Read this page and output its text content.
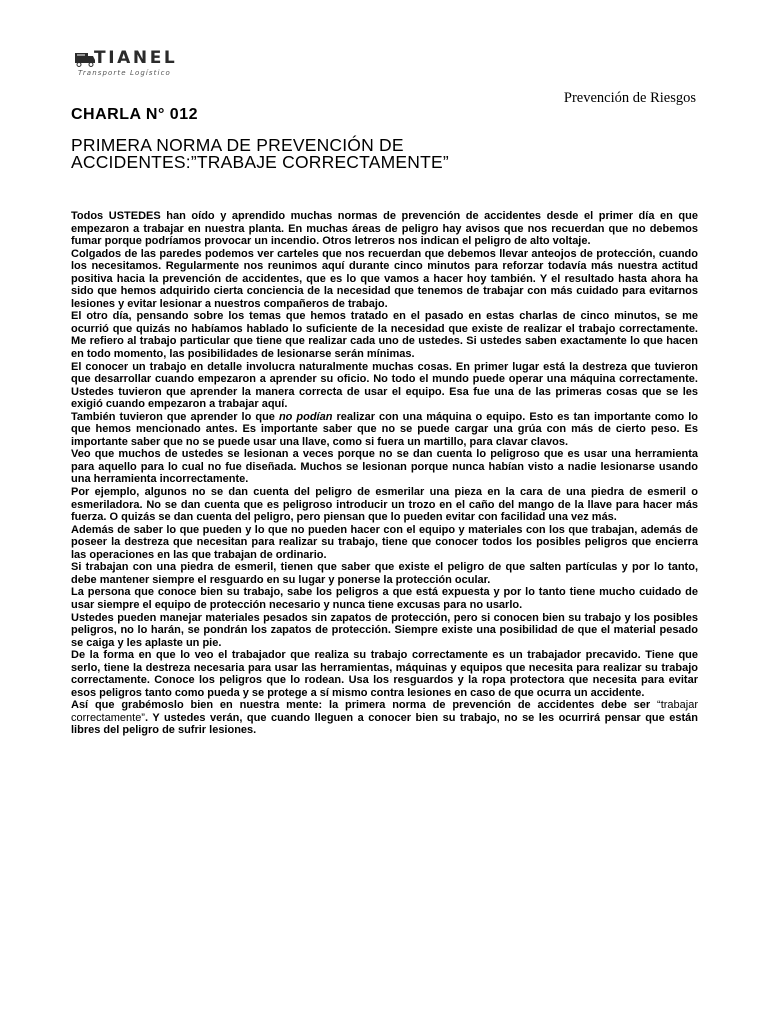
TIANEL
Transporte Logístico
Prevención de Riesgos
CHARLA N° 012
PRIMERA NORMA DE PREVENCIÓN DE
ACCIDENTES:”TRABAJE CORRECTAMENTE”

Todos USTEDES han oído y aprendido muchas normas de prevención de accidentes desde el primer día en que empezaron a trabajar en nuestra planta. En muchas áreas de peligro hay avisos que nos recuerdan que no debemos fumar porque podríamos provocar un incendio. Otros letreros nos indican el peligro de alto voltaje.

Colgados de las paredes podemos ver carteles que nos recuerdan que debemos llevar anteojos de protección, cuando los necesitamos. Regularmente nos reunimos aquí durante cinco minutos para reforzar todavía más nuestra actitud positiva hacia la prevención de accidentes, que es lo que vamos a hacer hoy también. Y el resultado hasta ahora ha sido que hemos adquirido cierta conciencia de la necesidad que tenemos de trabajar con más cuidado para evitarnos lesiones y evitar lesionar a nuestros compañeros de trabajo.

El otro día, pensando sobre los temas que hemos tratado en el pasado en estas charlas de cinco minutos, se me ocurrió que quizás no habíamos hablado lo suficiente de la necesidad que existe de realizar el trabajo correctamente. Me refiero al trabajo particular que tiene que realizar cada uno de ustedes. Si ustedes saben exactamente lo que hacen en todo momento, las posibilidades de lesionarse serán mínimas.

El conocer un trabajo en detalle involucra naturalmente muchas cosas. En primer lugar está la destreza que tuvieron que desarrollar cuando empezaron a aprender su oficio. No todo el mundo puede operar una máquina correctamente. Ustedes tuvieron que aprender la manera correcta de usar el equipo. Esa fue una de las primeras cosas que se les exigió cuando empezaron a trabajar aquí.

También tuvieron que aprender lo que no podían realizar con una máquina o equipo. Esto es tan importante como lo que hemos mencionado antes. Es importante saber que no se puede cargar una grúa con más de cierto peso. Es importante saber que no se puede usar una llave, como si fuera un martillo, para clavar clavos.

Veo que muchos de ustedes se lesionan a veces porque no se dan cuenta lo peligroso que es usar una herramienta para aquello para lo cual no fue diseñada. Muchos se lesionan porque nunca habían visto a nadie lesionarse usando una herramienta incorrectamente.

Por ejemplo, algunos no se dan cuenta del peligro de esmerilar una pieza en la cara de una piedra de esmeril o esmeriladora. No se dan cuenta que es peligroso introducir un trozo en el caño del mango de la llave para hacer más fuerza. O quizás se dan cuenta del peligro, pero piensan que lo pueden evitar con facilidad una vez más.

Además de saber lo que pueden y lo que no pueden hacer con el equipo y materiales con los que trabajan, además de poseer la destreza que necesitan para realizar su trabajo, tiene que conocer todos los posibles peligros que encierra las operaciones en las que trabajan de ordinario.

Si trabajan con una piedra de esmeril, tienen que saber que existe el peligro de que salten partículas y por lo tanto, debe mantener siempre el resguardo en su lugar y ponerse la protección ocular.

La persona que conoce bien su trabajo, sabe los peligros a que está expuesta y por lo tanto tiene mucho cuidado de usar siempre el equipo de protección necesario y nunca tiene excusas para no usarlo.

Ustedes pueden manejar materiales pesados sin zapatos de protección, pero si conocen bien su trabajo y los posibles peligros, no lo harán, se pondrán los zapatos de protección. Siempre existe una posibilidad de que el material pesado se caiga y les aplaste un pie.

De la forma en que lo veo el trabajador que realiza su trabajo correctamente es un trabajador precavido. Tiene que serlo, tiene la destreza necesaria para usar las herramientas, máquinas y equipos que necesita para realizar su trabajo correctamente. Conoce los peligros que lo rodean. Usa los resguardos y la ropa protectora que necesita para evitar esos peligros tanto como pueda y se protege a sí mismo contra lesiones en caso de que ocurra un accidente.

Así que grabémoslo bien en nuestra mente: la primera norma de prevención de accidentes debe ser “trabajar correctamente”. Y ustedes verán, que cuando lleguen a conocer bien su trabajo, no se les ocurrirá pensar que están libres del peligro de sufrir lesiones.
